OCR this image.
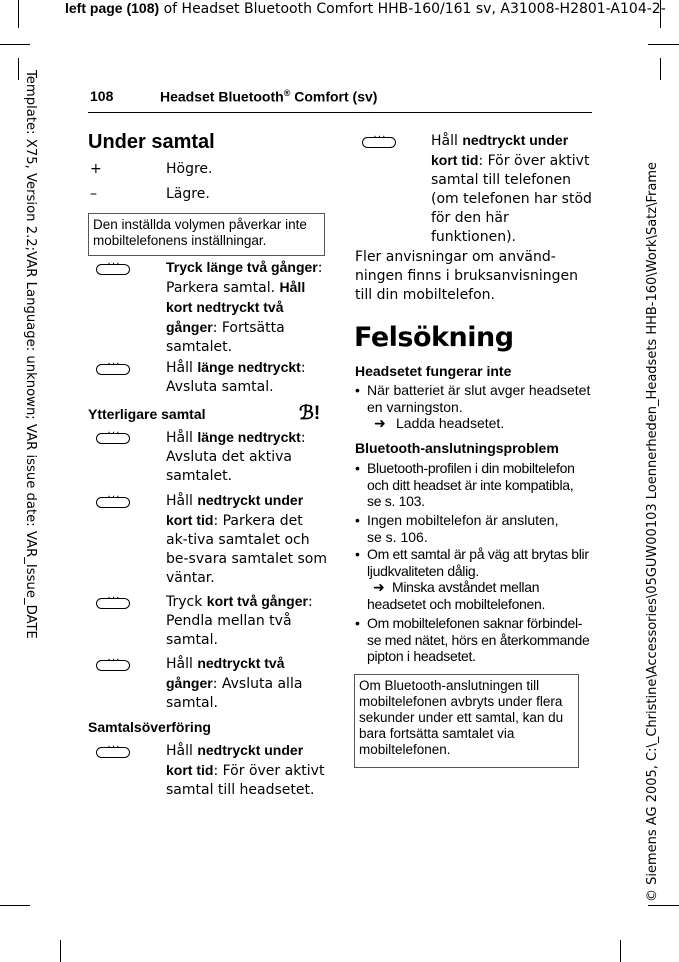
left page (108) of Headset Bluetooth Comfort HHB-160/161 sv, A31008-H2801-A104-2-
Template: X75, Version 2.2;VAR Language: unknown; VAR issue date: VAR_Issue_DATE	© Siemens AG 2005, C:\_Christine\Accessories\05GUW00103 Loennerheden_Headsets HHB-160\Work\Satz\Frame
108	Headset Bluetooth® Comfort (sv)
Under samtal
+	Högre.
–	Lägre.
Den inställda volymen påverkar inte mobiltelefonens inställningar.
· · ·
Tryck länge två gånger: Parkera samtal. Håll kort nedtryckt två gånger: Fortsätta samtalet.
· · ·
Håll länge nedtryckt: Avsluta samtal.
Ytterligare samtal	ℬ!
· · ·
Håll länge nedtryckt: Avsluta det aktiva samtalet.
· · ·
Håll nedtryckt under kort tid: Parkera det ak-tiva samtalet och be-svara samtalet som väntar.
· · ·
Tryck kort två gånger: Pendla mellan två samtal.
· · ·
Håll nedtryckt två gånger: Avsluta alla samtal.
Samtalsöverföring
· · ·
Håll nedtryckt under kort tid: För över aktivt samtal till headsetet.
· · ·
Håll nedtryckt under kort tid: För över aktivt samtal till telefonen (om telefonen har stöd för den här funktionen).
Fler anvisningar om använd-ningen finns i bruksanvisningen till din mobiltelefon.
Felsökning
Headsetet fungerar inte
• När batteriet är slut avger headsetet en varningston.
➜ Ladda headsetet.
Bluetooth-anslutningsproblem
• Bluetooth-profilen i din mobiltelefon och ditt headset är inte kompatibla, se s. 103.
• Ingen mobiltelefon är ansluten, se s. 106.
• Om ett samtal är på väg att brytas blir ljudkvaliteten dålig.
➜ Minska avståndet mellan headsetet och mobiltelefonen.
• Om mobiltelefonen saknar förbindel-se med nätet, hörs en återkommande pipton i headsetet.
Om Bluetooth-anslutningen till mobiltelefonen avbryts under flera sekunder under ett samtal, kan du bara fortsätta samtalet via mobiltelefonen.
